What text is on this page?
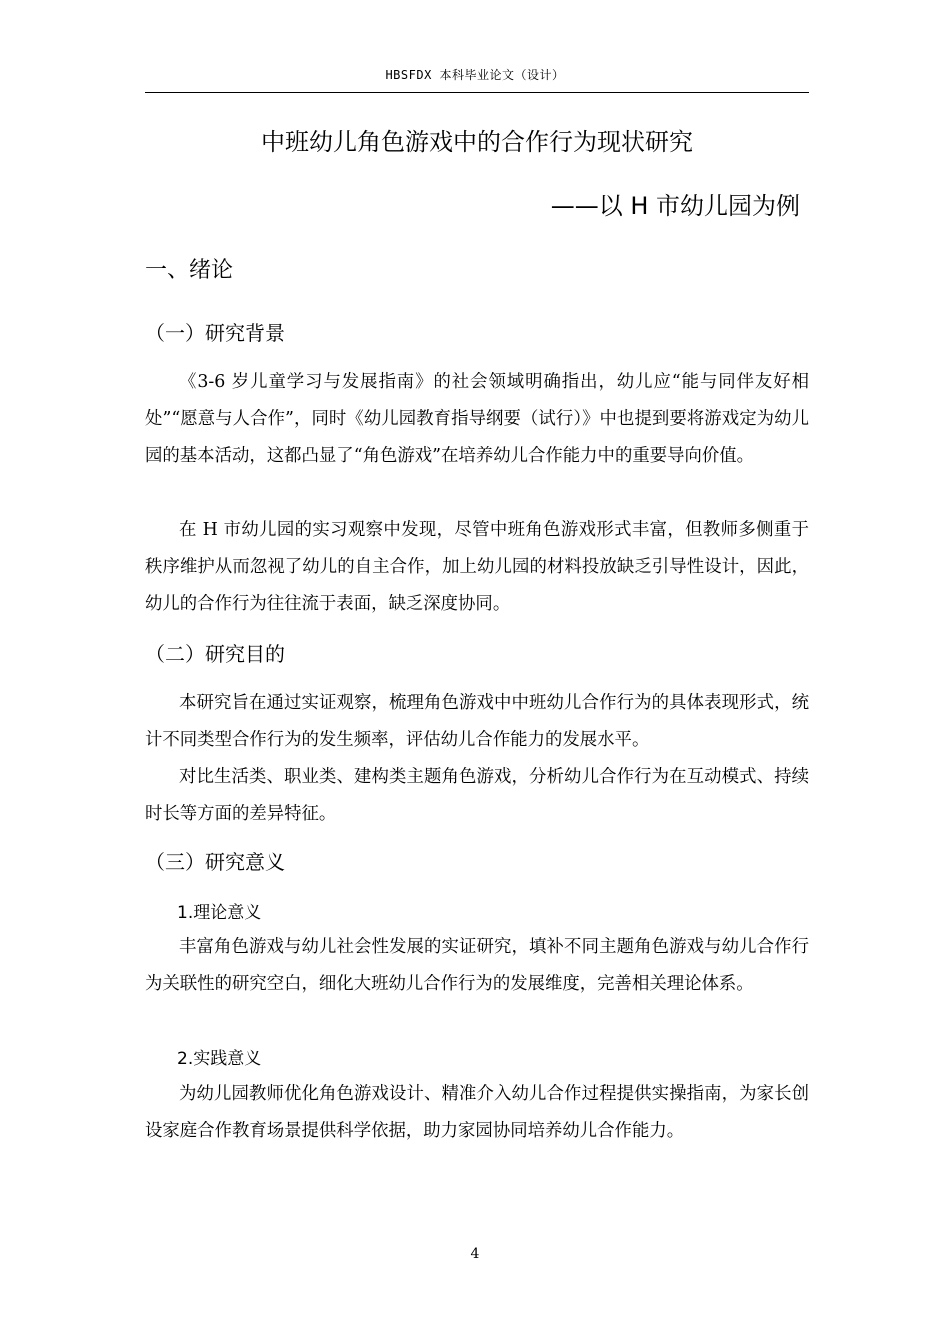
HBSFDX 本科毕业论文（设计）
中班幼儿角色游戏中的合作行为现状研究
——以 H 市幼儿园为例
一、绪论
（一）研究背景

《3-6 岁儿童学习与发展指南》的社会领域明确指出，幼儿应“能与同伴友好相处”“愿意与人合作”，同时《幼儿园教育指导纲要（试行）》中也提到要将游戏定为幼儿园的基本活动，这都凸显了“角色游戏”在培养幼儿合作能力中的重要导向价值。

在 H 市幼儿园的实习观察中发现，尽管中班角色游戏形式丰富，但教师多侧重于秩序维护从而忽视了幼儿的自主合作，加上幼儿园的材料投放缺乏引导性设计，因此，幼儿的合作行为往往流于表面，缺乏深度协同。

（二）研究目的

本研究旨在通过实证观察，梳理角色游戏中中班幼儿合作行为的具体表现形式，统计不同类型合作行为的发生频率，评估幼儿合作能力的发展水平。

对比生活类、职业类、建构类主题角色游戏，分析幼儿合作行为在互动模式、持续时长等方面的差异特征。

（三）研究意义
1.理论意义

丰富角色游戏与幼儿社会性发展的实证研究，填补不同主题角色游戏与幼儿合作行为关联性的研究空白，细化大班幼儿合作行为的发展维度，完善相关理论体系。

2.实践意义

为幼儿园教师优化角色游戏设计、精准介入幼儿合作过程提供实操指南，为家长创设家庭合作教育场景提供科学依据，助力家园协同培养幼儿合作能力。

4
